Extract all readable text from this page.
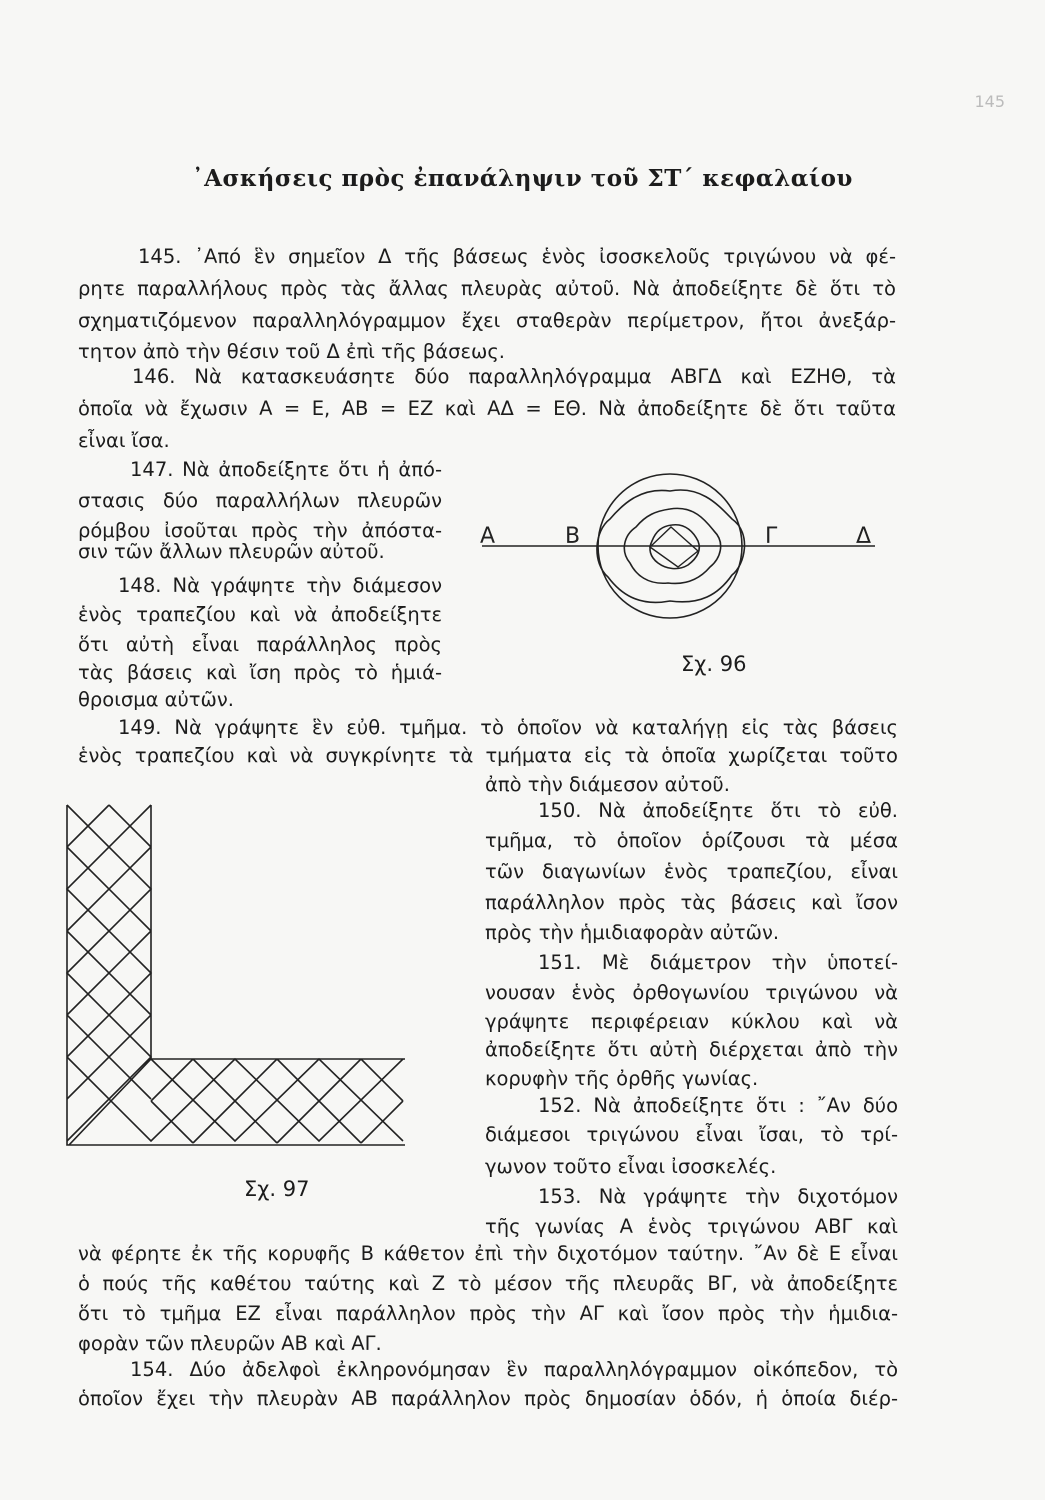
145
᾿Ασκήσεις πρὸς ἐπανάληψιν τοῦ ΣΤ΄ κεφαλαίου
145. ᾿Από ἓν σημεῖον Δ τῆς βάσεως ἑνὸς ἰσοσκελοῦς τριγώνου νὰ φέ-
ρητε παραλλήλους πρὸς τὰς ἄλλας πλευρὰς αὐτοῦ. Νὰ ἀποδείξητε δὲ ὅτι τὸ
σχηματιζόμενον παραλληλόγραμμον ἔχει σταθερὰν περίμετρον, ἤτοι ἀνεξάρ-
τητον ἀπὸ τὴν θέσιν τοῦ Δ ἐπὶ τῆς βάσεως.
146. Νὰ κατασκευάσητε δύο παραλληλόγραμμα ΑΒΓΔ καὶ ΕΖΗΘ, τὰ
ὁποῖα νὰ ἔχωσιν Α = Ε, ΑΒ = ΕΖ καὶ ΑΔ = ΕΘ. Νὰ ἀποδείξητε δὲ ὅτι ταῦτα
εἶναι ἴσα.
147. Νὰ ἀποδείξητε ὅτι ἡ ἀπό-
στασις δύο παραλλήλων πλευρῶν
ρόμβου ἰσοῦται πρὸς τὴν ἀπόστα-
σιν τῶν ἄλλων πλευρῶν αὐτοῦ.
148. Νὰ γράψητε τὴν διάμεσον
ἑνὸς τραπεζίου καὶ νὰ ἀποδείξητε
ὅτι αὐτὴ εἶναι παράλληλος πρὸς
τὰς βάσεις καὶ ἴση πρὸς τὸ ἡμιά-
θροισμα αὐτῶν.
Α	Β	Γ	Δ
Σχ. 96
149. Νὰ γράψητε ἓν εὐθ. τμῆμα. τὸ ὁποῖον νὰ καταλήγῃ εἰς τὰς βάσεις
ἑνὸς τραπεζίου καὶ νὰ συγκρίνητε τὰ τμήματα εἰς τὰ ὁποῖα χωρίζεται τοῦτο
ἀπὸ τὴν διάμεσον αὐτοῦ.
Σχ. 97
150. Νὰ ἀποδείξητε ὅτι τὸ εὐθ.
τμῆμα, τὸ ὁποῖον ὁρίζουσι τὰ μέσα
τῶν διαγωνίων ἑνὸς τραπεζίου, εἶναι
παράλληλον πρὸς τὰς βάσεις καὶ ἴσον
πρὸς τὴν ἡμιδιαφορὰν αὐτῶν.
151. Μὲ διάμετρον τὴν ὑποτεί-
νουσαν ἑνὸς ὀρθογωνίου τριγώνου νὰ
γράψητε περιφέρειαν κύκλου καὶ νὰ
ἀποδείξητε ὅτι αὐτὴ διέρχεται ἀπὸ τὴν
κορυφὴν τῆς ὀρθῆς γωνίας.
152. Νὰ ἀποδείξητε ὅτι : ῎Αν δύο
διάμεσοι τριγώνου εἶναι ἴσαι, τὸ τρί-
γωνον τοῦτο εἶναι ἰσοσκελές.
153. Νὰ γράψητε τὴν διχοτόμον
τῆς γωνίας Α ἑνὸς τριγώνου ΑΒΓ καὶ
νὰ φέρητε ἐκ τῆς κορυφῆς Β κάθετον ἐπὶ τὴν διχοτόμον ταύτην. ῎Αν δὲ Ε εἶναι
ὁ πούς τῆς καθέτου ταύτης καὶ Ζ τὸ μέσον τῆς πλευρᾶς ΒΓ, νὰ ἀποδείξητε
ὅτι τὸ τμῆμα ΕΖ εἶναι παράλληλον πρὸς τὴν ΑΓ καὶ ἴσον πρὸς τὴν ἡμιδια-
φορὰν τῶν πλευρῶν ΑΒ καὶ ΑΓ.
154. Δύο ἀδελφοὶ ἐκληρονόμησαν ἓν παραλληλόγραμμον οἰκόπεδον, τὸ
ὁποῖον ἔχει τὴν πλευρὰν ΑΒ παράλληλον πρὸς δημοσίαν ὁδόν, ἡ ὁποία διέρ-
